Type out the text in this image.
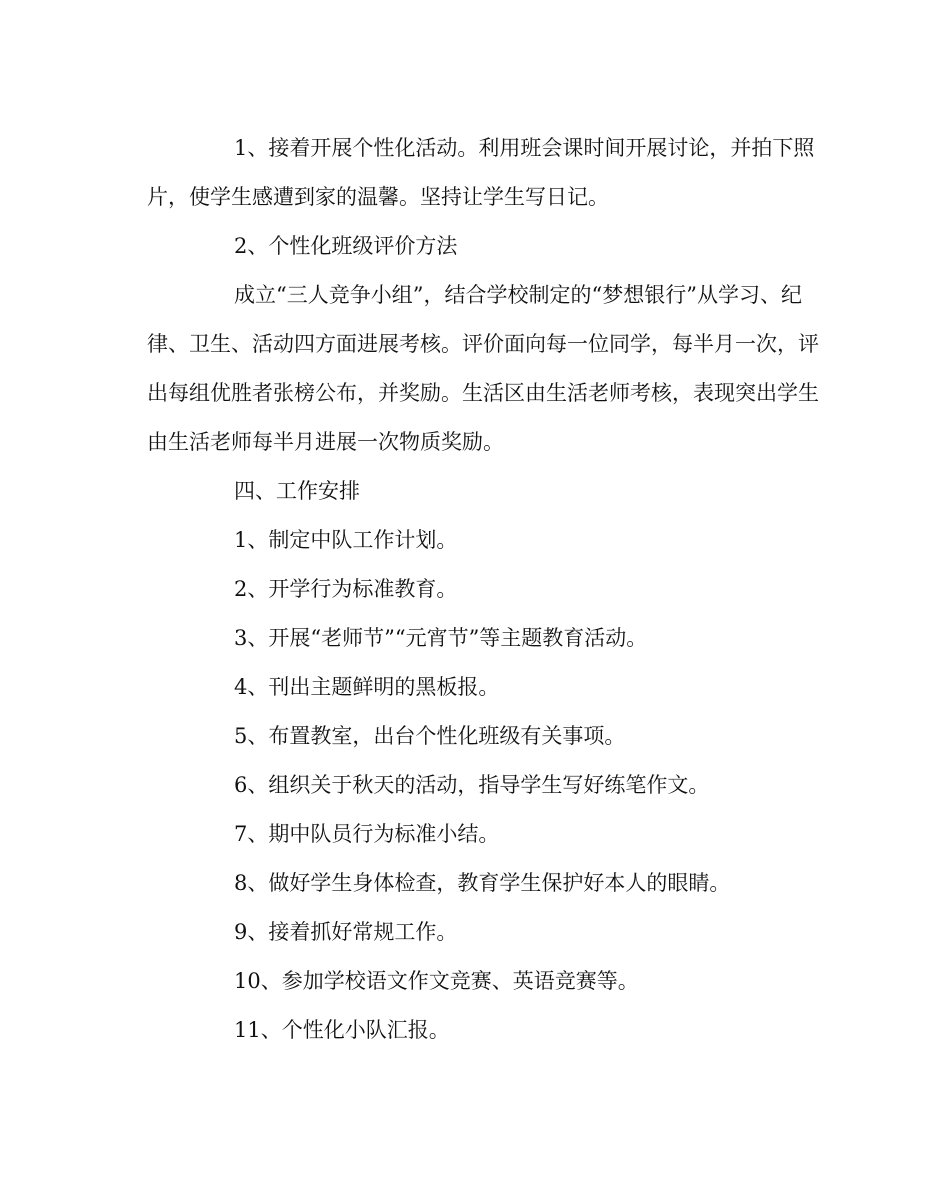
1、接着开展个性化活动。利用班会课时间开展讨论，并拍下照片，使学生感遭到家的温馨。坚持让学生写日记。

2、个性化班级评价方法

成立“三人竞争小组”，结合学校制定的“梦想银行”从学习、纪律、卫生、活动四方面进展考核。评价面向每一位同学，每半月一次，评出每组优胜者张榜公布，并奖励。生活区由生活老师考核，表现突出学生由生活老师每半月进展一次物质奖励。

四、工作安排

1、制定中队工作计划。

2、开学行为标准教育。

3、开展“老师节”“元宵节”等主题教育活动。

4、刊出主题鲜明的黑板报。

5、布置教室，出台个性化班级有关事项。

6、组织关于秋天的活动，指导学生写好练笔作文。

7、期中队员行为标准小结。

8、做好学生身体检查，教育学生保护好本人的眼睛。

9、接着抓好常规工作。

10、参加学校语文作文竞赛、英语竞赛等。

11、个性化小队汇报。
